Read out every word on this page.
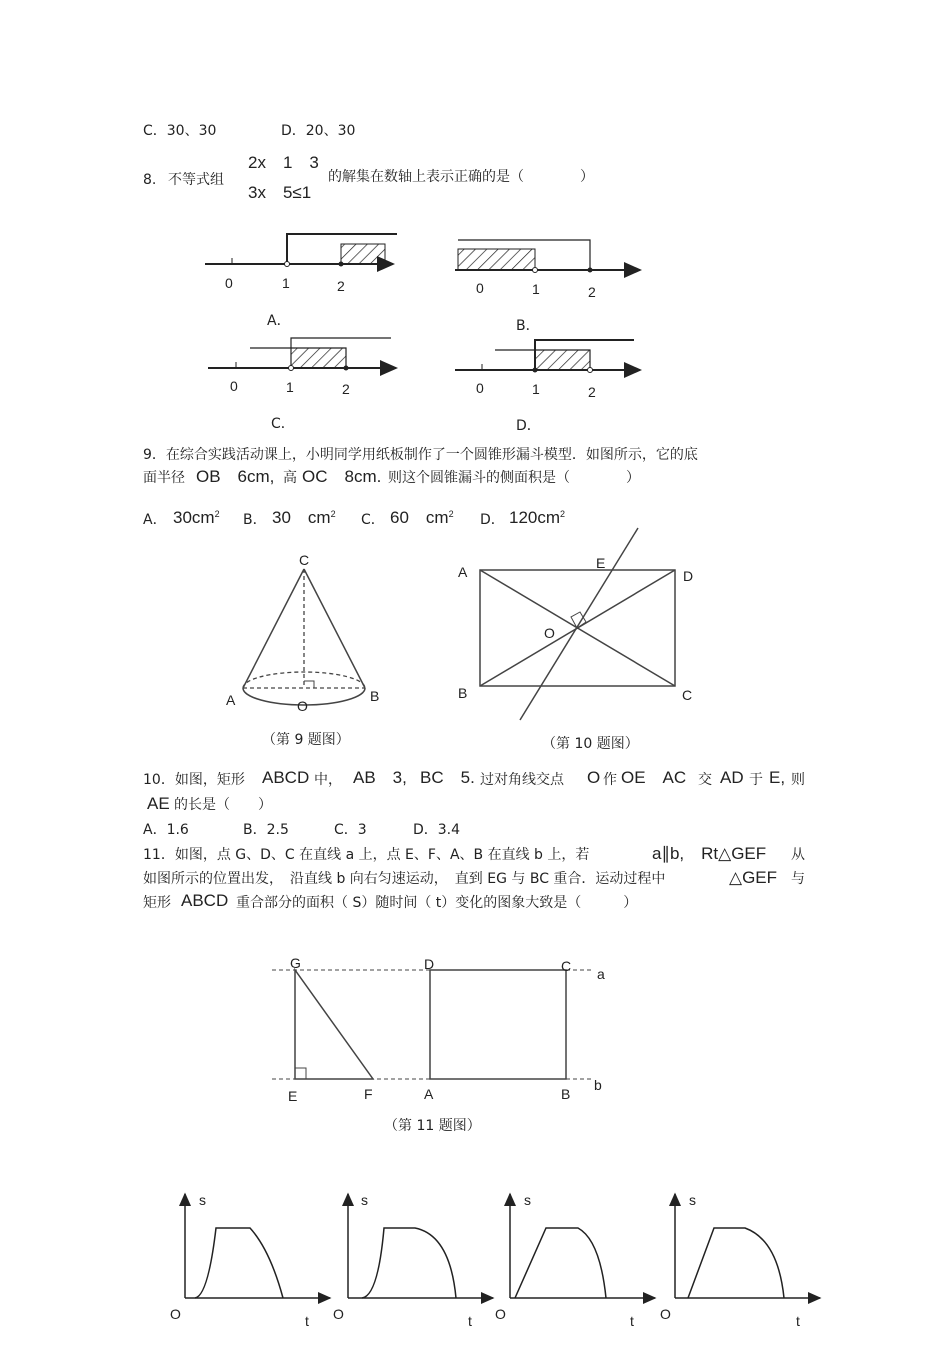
C．30、30	D．20、30
8. 不等式组
2x　1　3
3x　5≤1
的解集在数轴上表示正确的是（　　　　）
0	1	2
A．
0	1	2
B．
0	1	2
C．
0	1	2
D．
9．在综合实践活动课上，小明同学用纸板制作了一个圆锥形漏斗模型．如图所示，它的底
面半径 OB　6cm, 高 OC　8cm. 则这个圆锥漏斗的侧面积是（　　　　）
A． $30cm^2$ B． 30　$cm^2$ C． 60　$cm^2$ D． $120cm^2$
C
A	B
O
（第 9 题图）
A
E
D
O
B	C
（第 10 题图）
10．如图，矩形 ABCD 中， AB　3, BC　5. 过对角线交点 O 作 OE　AC 交 AD 于 E, 则
AE 的长是（　　）
A．1.6	B．2.5	C．3	D．3.4
11．如图，点 G、D、C 在直线 a 上，点 E、F、A、B 在直线 b 上，若	a∥b,　Rt△GEF 从
如图所示的位置出发，　沿直线 b 向右匀速运动，　直到 EG 与 BC 重合．运动过程中	△GEF 与
矩形 ABCD 重合部分的面积（ S）随时间（ t）变化的图象大致是（　　　）
G	D	C a
E	F	A	B
b
（第 11 题图）
s
O	t
s
O	t
s
O	t
s
O	t
